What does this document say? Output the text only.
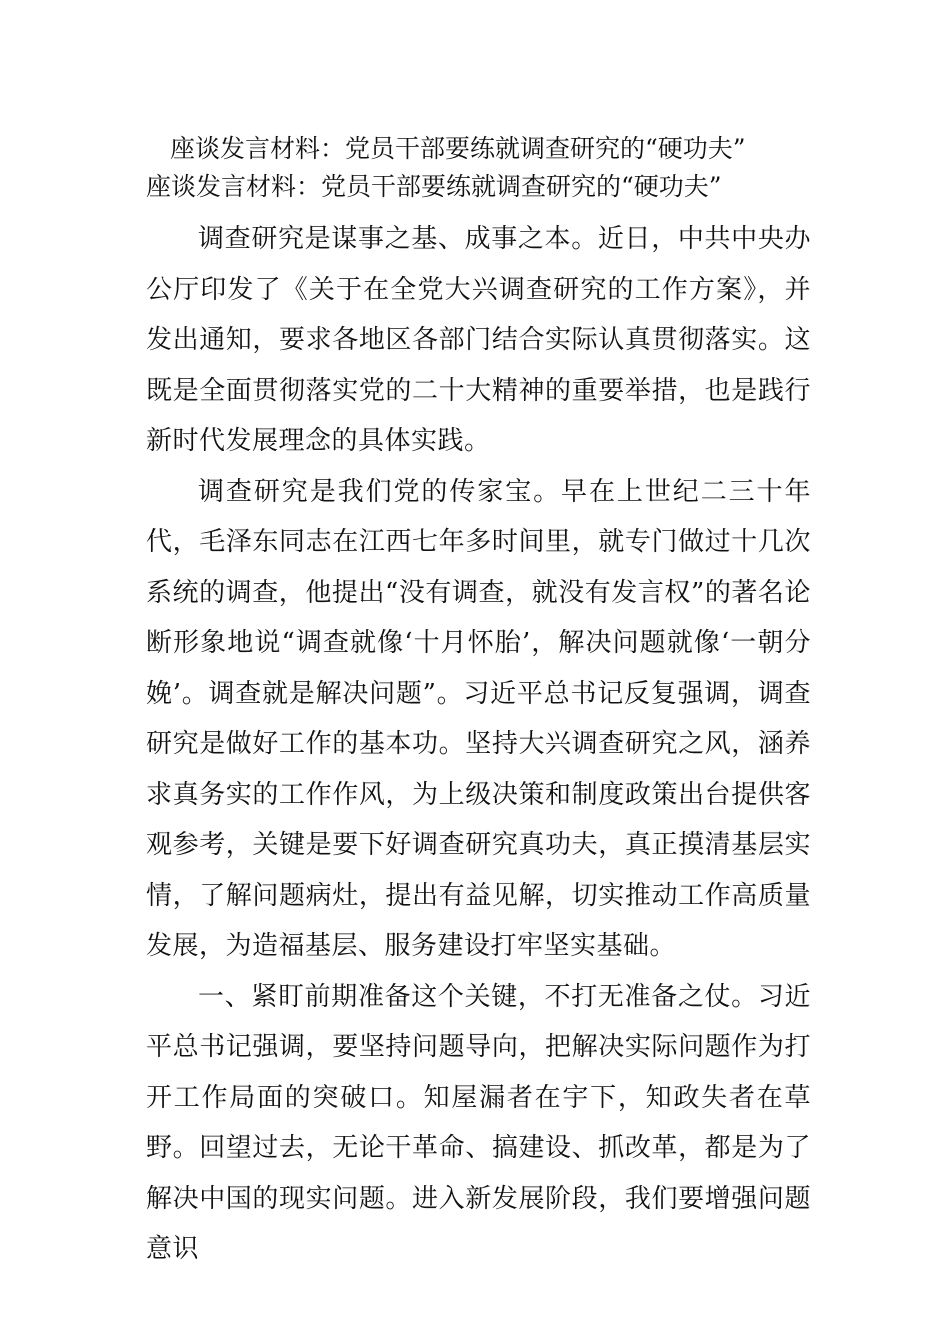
座谈发言材料：党员干部要练就调查研究的“硬功夫”

座谈发言材料：党员干部要练就调查研究的“硬功夫”

调查研究是谋事之基、成事之本。近日，中共中央办公厅印发了《关于在全党大兴调查研究的工作方案》，并发出通知，要求各地区各部门结合实际认真贯彻落实。这既是全面贯彻落实党的二十大精神的重要举措，也是践行新时代发展理念的具体实践。

调查研究是我们党的传家宝。早在上世纪二三十年代，毛泽东同志在江西七年多时间里，就专门做过十几次系统的调查，他提出“没有调查，就没有发言权”的著名论断形象地说“调查就像‘十月怀胎’，解决问题就像‘一朝分娩’。调查就是解决问题”。习近平总书记反复强调，调查研究是做好工作的基本功。坚持大兴调查研究之风，涵养求真务实的工作作风，为上级决策和制度政策出台提供客观参考，关键是要下好调查研究真功夫，真正摸清基层实情，了解问题病灶，提出有益见解，切实推动工作高质量发展，为造福基层、服务建设打牢坚实基础。

一、紧盯前期准备这个关键，不打无准备之仗。习近平总书记强调，要坚持问题导向，把解决实际问题作为打开工作局面的突破口。知屋漏者在宇下，知政失者在草野。回望过去，无论干革命、搞建设、抓改革，都是为了解决中国的现实问题。进入新发展阶段，我们要增强问题意识
